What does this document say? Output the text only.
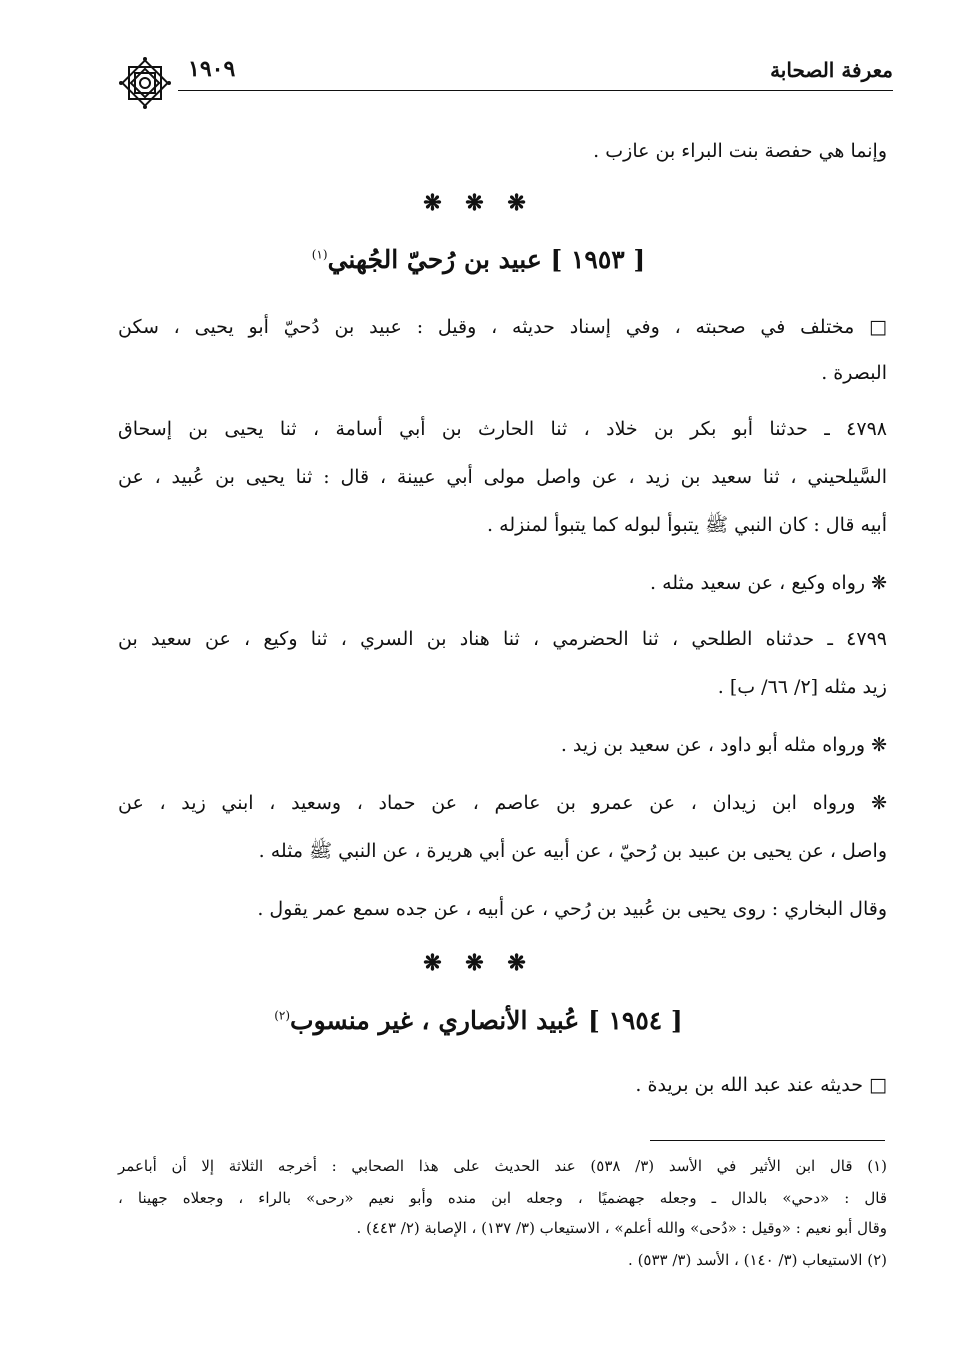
معرفة الصحابة
١٩٠٩
وإنما هي حفصة بنت البراء بن عازب .
❋ ❋ ❋
[ ١٩٥٣ ] عبيد بن رُحيّ الجُهني$^{(١)}$
□ مختلف في صحبته ، وفي إسناد حديثه ، وقيل : عبيد بن دُحيّ أبو يحيى ، سكن
البصرة .
٤٧٩٨ ـ حدثنا أبو بكر بن خلاد ، ثنا الحارث بن أبي أسامة ، ثنا يحيى بن إسحاق
السَّيلحيني ، ثنا سعيد بن زيد ، عن واصل مولى أبي عيينة ، قال : ثنا يحيى بن عُبيد ، عن
أبيه قال : كان النبي ﷺ يتبوأ لبوله كما يتبوأ لمنزله .
❋ رواه وكيع ، عن سعيد مثله .
٤٧٩٩ ـ حدثناه الطلحي ، ثنا الحضرمي ، ثنا هناد بن السري ، ثنا وكيع ، عن سعيد بن
زيد مثله [٢/ ٦٦/ ب] .
❋ ورواه مثله أبو داود ، عن سعيد بن زيد .
❋ ورواه ابن زيدان ، عن عمرو بن عاصم ، عن حماد ، وسعيد ، ابني زيد ، عن
واصل ، عن يحيى بن عبيد بن رُحيّ ، عن أبيه عن أبي هريرة ، عن النبي ﷺ مثله .
وقال البخاري : روى يحيى بن عُبيد بن رُحي ، عن أبيه ، عن جده سمع عمر يقول .
❋ ❋ ❋
[ ١٩٥٤ ] عُبيد الأنصاري ، غير منسوب$^{(٢)}$
□ حديثه عند عبد الله بن بريدة .
(١) قال ابن الأثير في الأسد (٣/ ٥٣٨) عند الحديث على هذا الصحابي : أخرجه الثلاثة إلا أن أباعمر
قال : «دحي» بالدال ـ وجعله جهضميًا ، وجعله ابن منده وأبو نعيم «رحى» بالراء ، وجعلاه جهينا ،
وقال أبو نعيم : «وقيل : «دُحى» والله أعلم» ، الاستيعاب (٣/ ١٣٧) ، الإصابة (٢/ ٤٤٣) .
(٢) الاستيعاب (٣/ ١٤٠) ، الأسد (٣/ ٥٣٣) .
